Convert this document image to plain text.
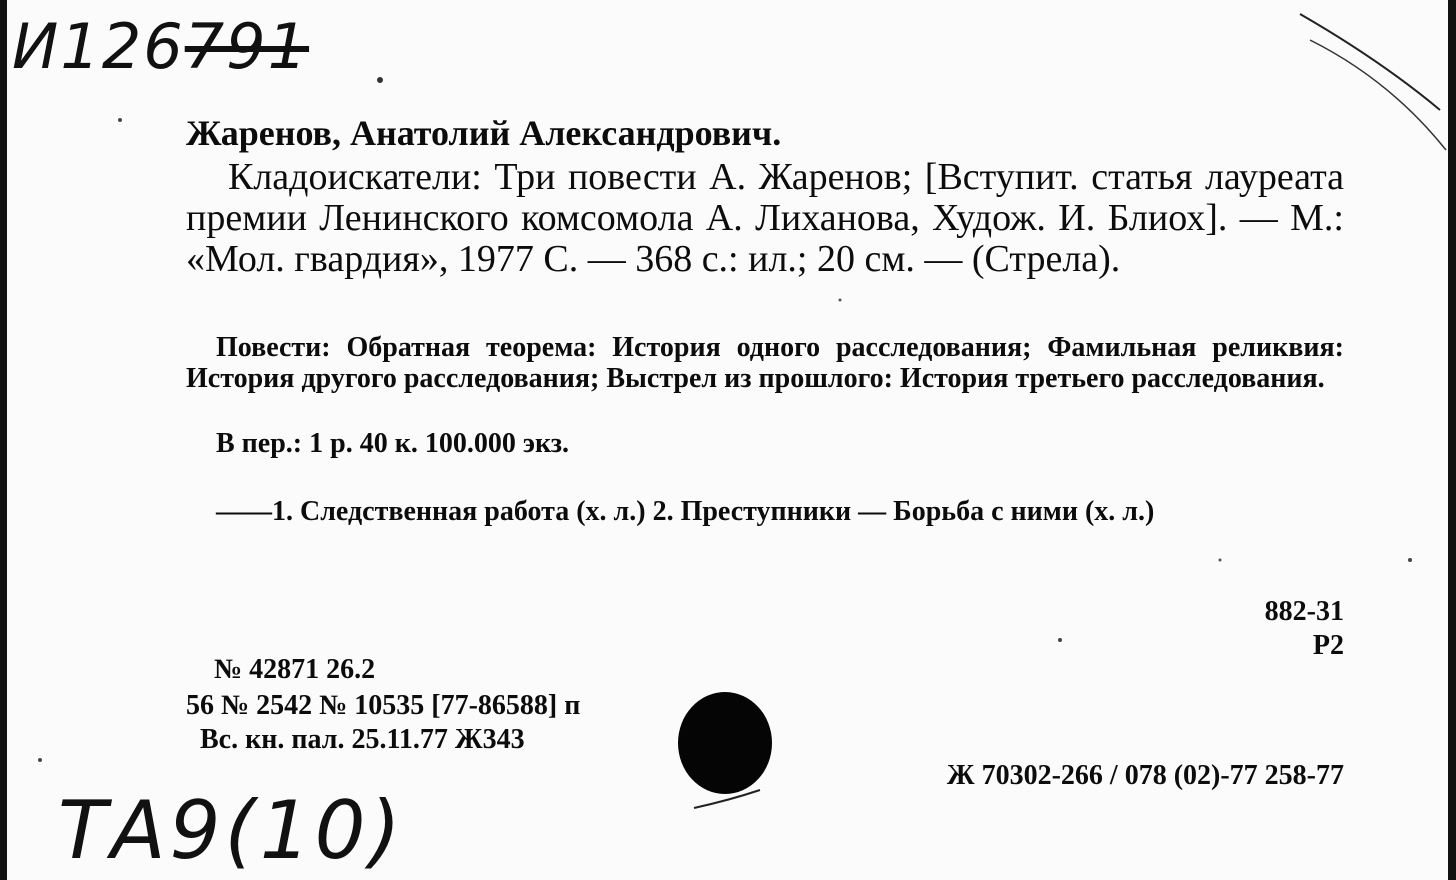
И126791
Жаренов, Анатолий Александрович.

Кладоискатели: Три повести А. Жаренов; [Вступит. статья лауреата премии Ленинского комсомола А. Лиханова, Худож. И. Блиох]. — М.: «Мол. гвардия», 1977 С. — 368 с.: ил.; 20 см. — (Стрела).

Повести: Обратная теорема: История одного расследования; Фамильная реликвия: История другого расследования; Выстрел из прошлого: История третьего расследования.

В пер.: 1 р. 40 к. 100.000 экз.

——1. Следственная работа (х. л.) 2. Преступники — Борьба с ними (х. л.)

882-31
Р2
№ 42871 26.2
56 № 2542 № 10535 [77-86588] п
Вс. кн. пал. 25.11.77 Ж343
Ж 70302-266 / 078 (02)-77 258-77
ТА9(10)
